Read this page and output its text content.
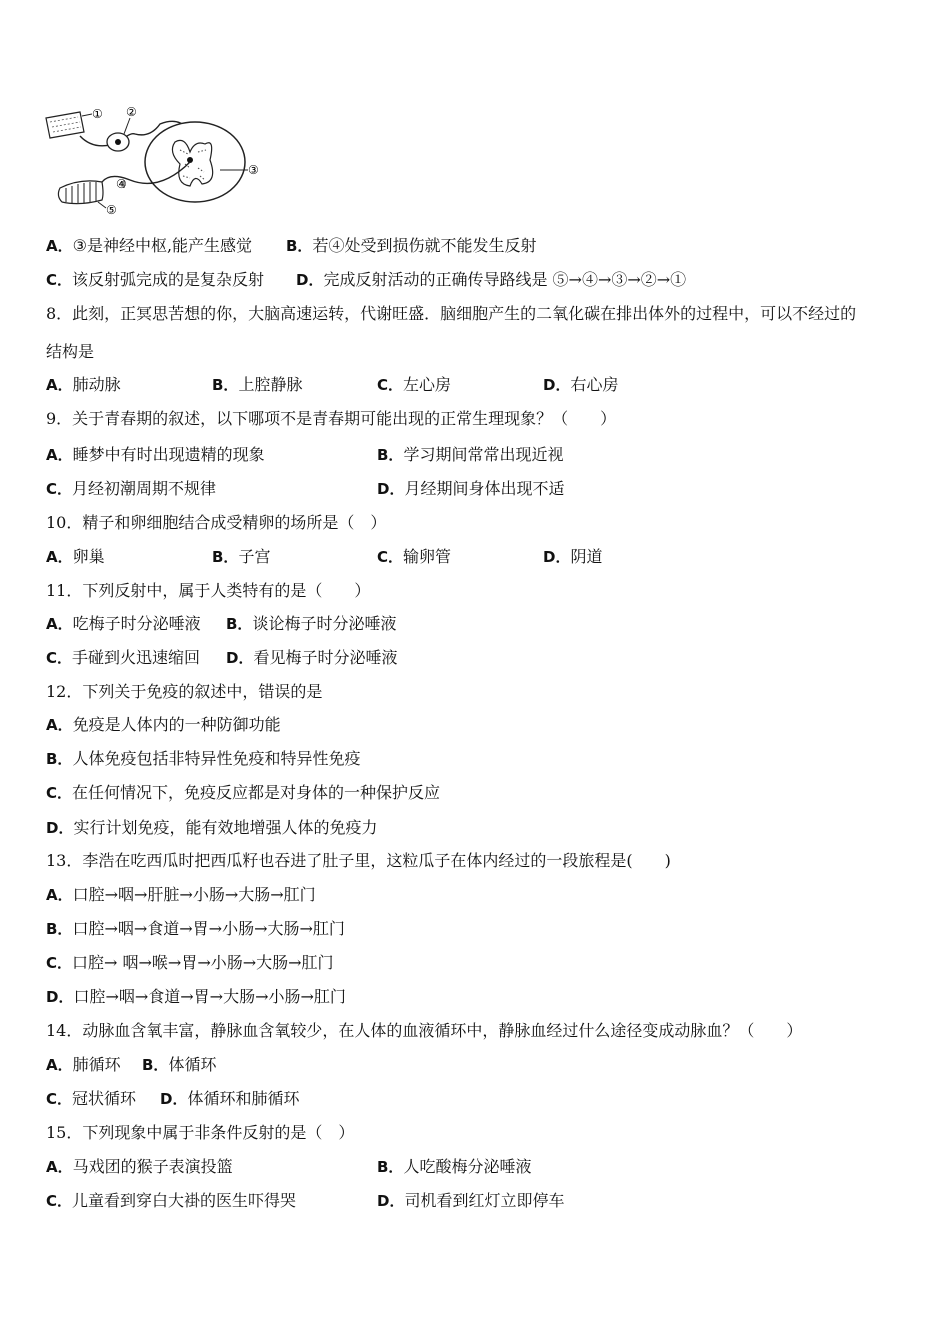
① ②
③
④
⑤
A．③是神经中枢,能产生感觉 B．若④处受到损伤就不能发生反射
C．该反射弧完成的是复杂反射 D．完成反射活动的正确传导路线是 ⑤→④→③→②→①
8．此刻，正冥思苦想的你，大脑高速运转，代谢旺盛．脑细胞产生的二氧化碳在排出体外的过程中，可以不经过的
结构是
A．肺动脉	B．上腔静脉	C．左心房	D．右心房
9．关于青春期的叙述，以下哪项不是青春期可能出现的正常生理现象？（　　）
A．睡梦中有时出现遗精的现象	B．学习期间常常出现近视
C．月经初潮周期不规律	D．月经期间身体出现不适
10．精子和卵细胞结合成受精卵的场所是（　）
A．卵巢	B．子宫	C．输卵管	D．阴道
11．下列反射中，属于人类特有的是（　　）
A．吃梅子时分泌唾液 B．谈论梅子时分泌唾液
C．手碰到火迅速缩回 D．看见梅子时分泌唾液
12．下列关于免疫的叙述中，错误的是
A．免疫是人体内的一种防御功能
B．人体免疫包括非特异性免疫和特异性免疫
C．在任何情况下，免疫反应都是对身体的一种保护反应
D．实行计划免疫，能有效地增强人体的免疫力
13．李浩在吃西瓜时把西瓜籽也吞进了肚子里，这粒瓜子在体内经过的一段旅程是(　　)
A．口腔→咽→肝脏→小肠→大肠→肛门
B．口腔→咽→食道→胃→小肠→大肠→肛门
C．口腔→ 咽→喉→胃→小肠→大肠→肛门
D．口腔→咽→食道→胃→大肠→小肠→肛门
14．动脉血含氧丰富，静脉血含氧较少，在人体的血液循环中，静脉血经过什么途径变成动脉血？（　　）
A．肺循环 B．体循环
C．冠状循环 D．体循环和肺循环
15．下列现象中属于非条件反射的是（　）
A．马戏团的猴子表演投篮	B．人吃酸梅分泌唾液
C．儿童看到穿白大褂的医生吓得哭	D．司机看到红灯立即停车
